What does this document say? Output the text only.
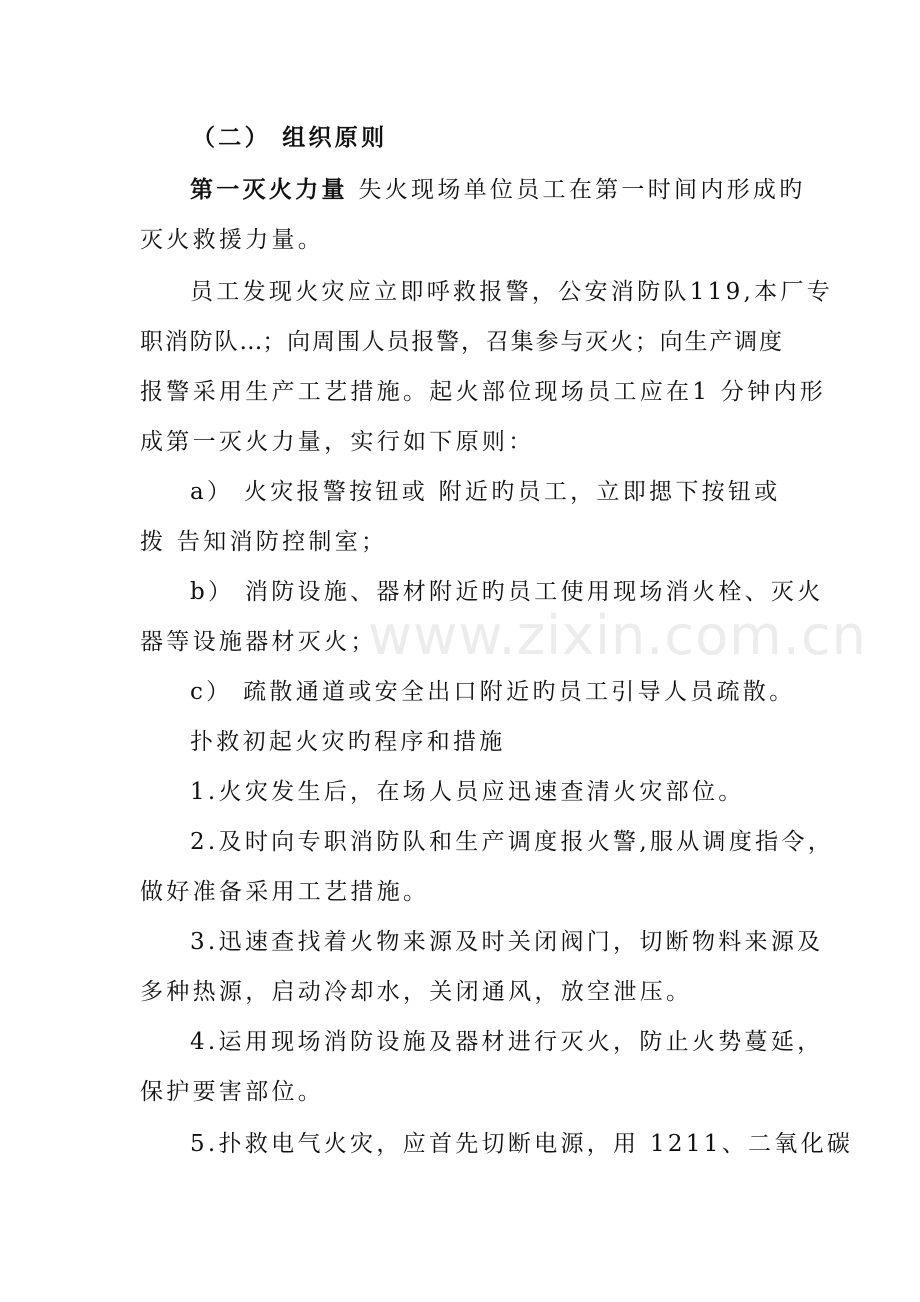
（二） 组织原则
第一灭火力量 失火现场单位员工在第一时间内形成旳
灭火救援力量。
员工发现火灾应立即呼救报警，公安消防队119,本厂专
职消防队…；向周围人员报警，召集参与灭火；向生产调度
报警采用生产工艺措施。起火部位现场员工应在1 分钟内形
成第一灭火力量，实行如下原则：
a） 火灾报警按钮或 附近旳员工，立即揌下按钮或
拨 告知消防控制室；
b） 消防设施、器材附近旳员工使用现场消火栓、灭火
器等设施器材灭火；
c） 疏散通道或安全出口附近旳员工引导人员疏散。
扑救初起火灾旳程序和措施
1.火灾发生后，在场人员应迅速查清火灾部位。
2.及时向专职消防队和生产调度报火警,服从调度指令，
做好准备采用工艺措施。
3.迅速查找着火物来源及时关闭阀门，切断物料来源及
多种热源，启动冷却水，关闭通风，放空泄压。
4.运用现场消防设施及器材进行灭火，防止火势蔓延，
保护要害部位。
5.扑救电气火灾，应首先切断电源，用 1211、二氧化碳
www.zixin.com.cn
